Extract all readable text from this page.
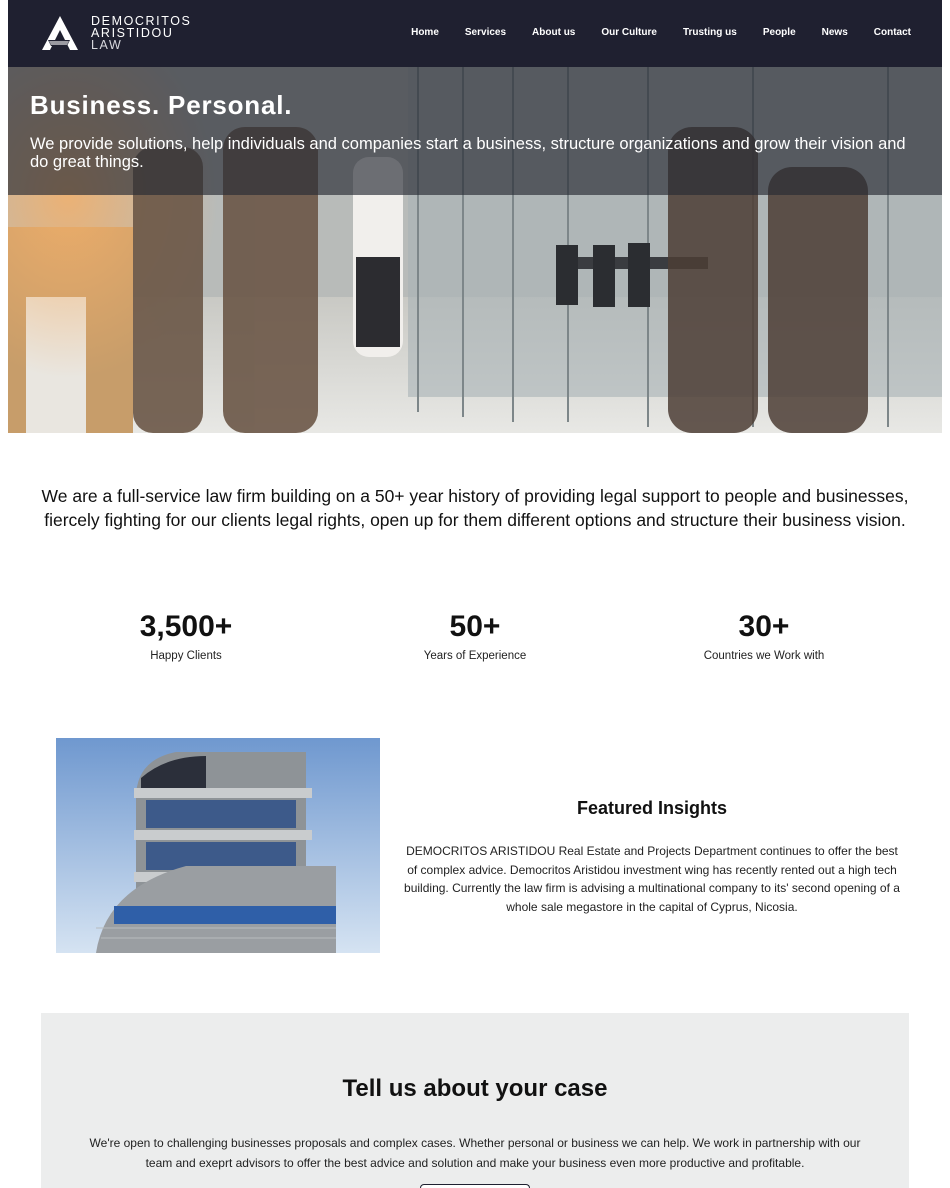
DEMOCRITOS
ARISTIDOU
LAW
Home	Services	About us	Our Culture	Trusting us	People	News	Contact
Business. Personal.

We provide solutions, help individuals and companies start a business, structure organizations and grow their vision and do great things.

We are a full-service law firm building on a 50+ year history of providing legal support to people and businesses, fiercely fighting for our clients legal rights, open up for them different options and structure their business vision.

3,500+
Happy Clients
50+
Years of Experience
30+
Countries we Work with
Featured Insights

DEMOCRITOS ARISTIDOU Real Estate and Projects Department continues to offer the best of complex advice. Democritos Aristidou investment wing has recently rented out a high tech building. Currently the law firm is advising a multinational company to its' second opening of a whole sale megastore in the capital of Cyprus, Nicosia.

Tell us about your case

We're open to challenging businesses proposals and complex cases. Whether personal or business we can help. We work in partnership with our team and exeprt advisors to offer the best advice and solution and make your business even more productive and profitable.
